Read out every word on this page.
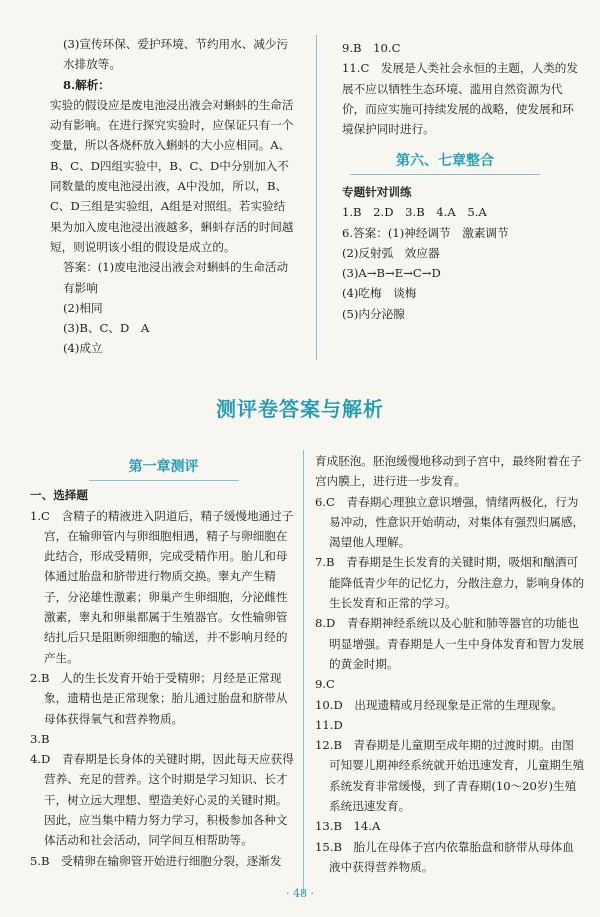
(3)宣传环保、爱护环境、节约用水、减少污水排放等。

8.解析：

实验的假设应是废电池浸出液会对蝌蚪的生命活动有影响。在进行探究实验时，应保证只有一个变量，所以各烧杯放入蝌蚪的大小应相同。A、B、C、D四组实验中，B、C、D中分别加入不同数量的废电池浸出液，A中没加，所以，B、C、D三组是实验组，A组是对照组。若实验结果为加入废电池浸出液越多，蝌蚪存活的时间越短，则说明该小组的假设是成立的。

答案：(1)废电池浸出液会对蝌蚪的生命活动有影响

(2)相同

(3)B、C、D　A

(4)成立

9.B　10.C

11.C　发展是人类社会永恒的主题，人类的发展不应以牺牲生态环境、滥用自然资源为代价，而应实施可持续发展的战略，使发展和环境保护同时进行。

第六、七章整合

专题针对训练

1.B　2.D　3.B　4.A　5.A

6.答案：(1)神经调节　激素调节

(2)反射弧　效应器

(3)A→B→E→C→D

(4)吃梅　谈梅

(5)内分泌腺

测评卷答案与解析
第一章测评

一、选择题

1.C　含精子的精液进入阴道后，精子缓慢地通过子宫，在输卵管内与卵细胞相遇，精子与卵细胞在此结合，形成受精卵，完成受精作用。胎儿和母体通过胎盘和脐带进行物质交换。睾丸产生精子，分泌雄性激素；卵巢产生卵细胞，分泌雌性激素，睾丸和卵巢都属于生殖器官。女性输卵管结扎后只是阻断卵细胞的输送，并不影响月经的产生。

2.B　人的生长发育开始于受精卵；月经是正常现象，遗精也是正常现象；胎儿通过胎盘和脐带从母体获得氧气和营养物质。

3.B

4.D　青春期是长身体的关键时期，因此每天应获得营养、充足的营养。这个时期是学习知识、长才干，树立远大理想、塑造美好心灵的关键时期。因此，应当集中精力努力学习，积极参加各种文体活动和社会活动，同学间互相帮助等。

5.B　受精卵在输卵管开始进行细胞分裂，逐渐发

育成胚泡。胚泡缓慢地移动到子宫中，最终附着在子宫内膜上，进行进一步发育。

6.C　青春期心理独立意识增强，情绪两极化，行为易冲动，性意识开始萌动，对集体有强烈归属感，渴望他人理解。

7.B　青春期是生长发育的关键时期，吸烟和酗酒可能降低青少年的记忆力，分散注意力，影响身体的生长发育和正常的学习。

8.D　青春期神经系统以及心脏和肺等器官的功能也明显增强。青春期是人一生中身体发育和智力发展的黄金时期。

9.C

10.D　出现遗精或月经现象是正常的生理现象。

11.D

12.B　青春期是儿童期至成年期的过渡时期。由图可知婴儿期神经系统就开始迅速发育，儿童期生殖系统发育非常缓慢，到了青春期(10～20岁)生殖系统迅速发育。

13.B　14.A

15.B　胎儿在母体子宫内依靠胎盘和脐带从母体血液中获得营养物质。

· 48 ·
